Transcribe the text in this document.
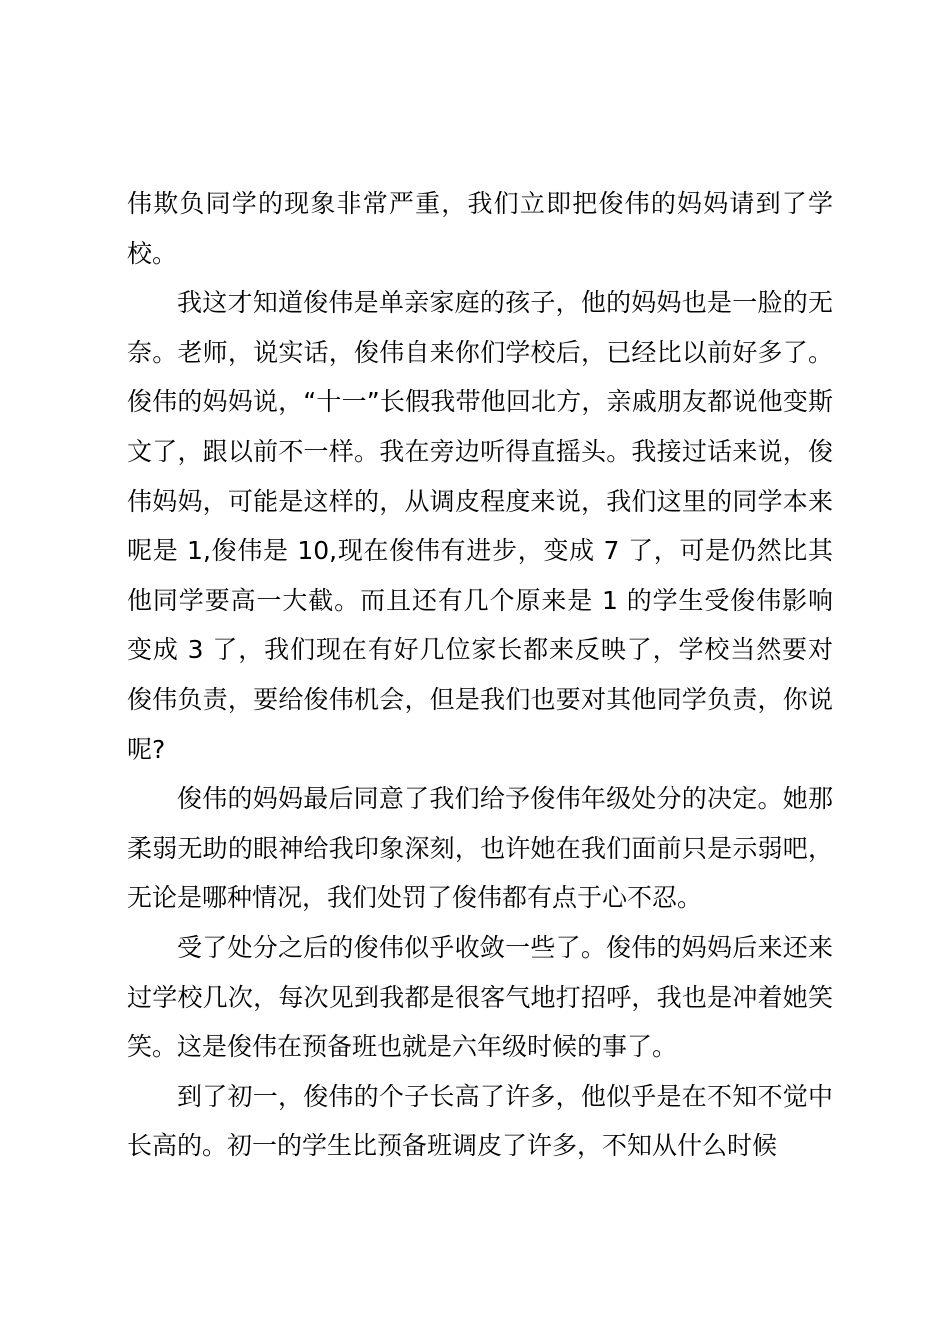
伟欺负同学的现象非常严重，我们立即把俊伟的妈妈请到了学校。

我这才知道俊伟是单亲家庭的孩子，他的妈妈也是一脸的无奈。老师，说实话，俊伟自来你们学校后，已经比以前好多了。俊伟的妈妈说，“十一”长假我带他回北方，亲戚朋友都说他变斯文了，跟以前不一样。我在旁边听得直摇头。我接过话来说，俊伟妈妈，可能是这样的，从调皮程度来说，我们这里的同学本来呢是 1,俊伟是 10,现在俊伟有进步，变成 7 了，可是仍然比其他同学要高一大截。而且还有几个原来是 1 的学生受俊伟影响变成 3 了，我们现在有好几位家长都来反映了，学校当然要对俊伟负责，要给俊伟机会，但是我们也要对其他同学负责，你说呢?

俊伟的妈妈最后同意了我们给予俊伟年级处分的决定。她那柔弱无助的眼神给我印象深刻，也许她在我们面前只是示弱吧，无论是哪种情况，我们处罚了俊伟都有点于心不忍。

受了处分之后的俊伟似乎收敛一些了。俊伟的妈妈后来还来过学校几次，每次见到我都是很客气地打招呼，我也是冲着她笑笑。这是俊伟在预备班也就是六年级时候的事了。

到了初一，俊伟的个子长高了许多，他似乎是在不知不觉中长高的。初一的学生比预备班调皮了许多，不知从什么时候
